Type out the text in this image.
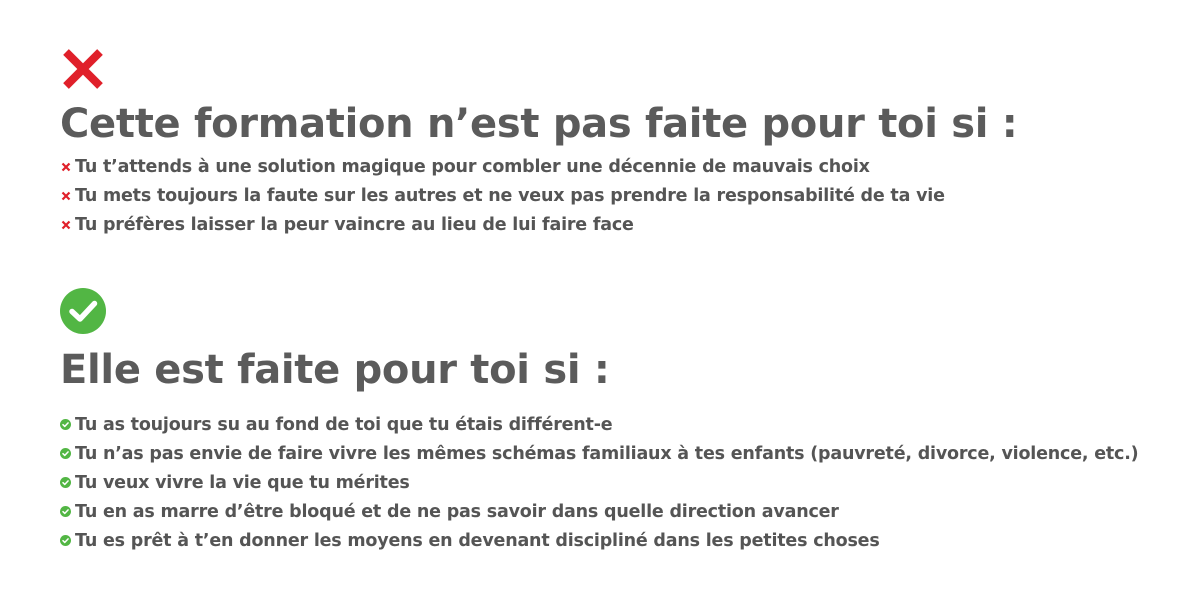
Cette formation n’est pas faite pour toi si :
Tu t’attends à une solution magique pour combler une décennie de mauvais choix
Tu mets toujours la faute sur les autres et ne veux pas prendre la responsabilité de ta vie
Tu préfères laisser la peur vaincre au lieu de lui faire face
Elle est faite pour toi si :
Tu as toujours su au fond de toi que tu étais différent-e
Tu n’as pas envie de faire vivre les mêmes schémas familiaux à tes enfants (pauvreté, divorce, violence, etc.)
Tu veux vivre la vie que tu mérites
Tu en as marre d’être bloqué et de ne pas savoir dans quelle direction avancer
Tu es prêt à t’en donner les moyens en devenant discipliné dans les petites choses
